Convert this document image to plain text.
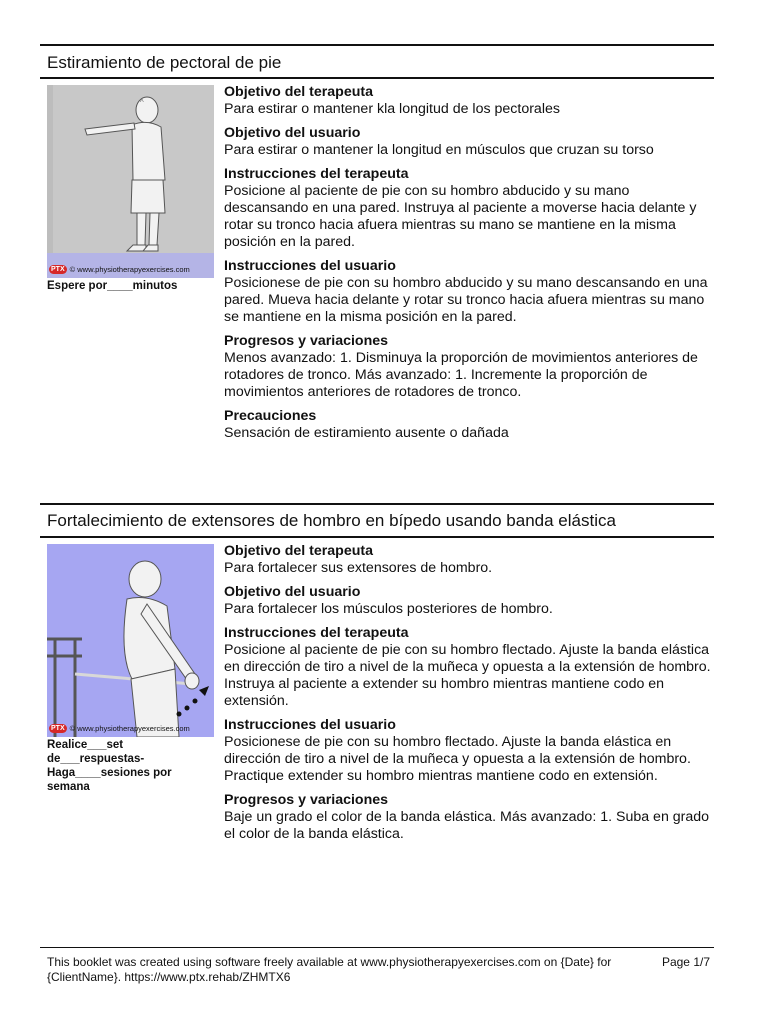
Estiramiento de pectoral de pie
^
PTX © www.physiotherapyexercises.com
Espere por____minutos
Objetivo del terapeuta
Para estirar o mantener kla longitud de los pectorales
Objetivo del usuario
Para estirar o mantener la longitud en músculos que cruzan su torso
Instrucciones del terapeuta
Posicione al paciente de pie con su hombro abducido y su mano descansando en una pared. Instruya al paciente a moverse hacia delante y rotar su tronco hacia afuera mientras su mano se mantiene en la misma posición en la pared.
Instrucciones del usuario
Posicionese de pie con su hombro abducido y su mano descansando en una pared. Mueva hacia delante y rotar su tronco hacia afuera mientras su mano se mantiene en la misma posición en la pared.
Progresos y variaciones
Menos avanzado: 1. Disminuya la proporción de movimientos anteriores de rotadores de tronco. Más avanzado: 1. Incremente la proporción de movimientos anteriores de rotadores de tronco.
Precauciones
Sensación de estiramiento ausente o dañada
Fortalecimiento de extensores de hombro en bípedo usando banda elástica
PTX © www.physiotherapyexercises.com
Realice___set de___respuestas- Haga____sesiones por semana
Objetivo del terapeuta
Para fortalecer sus extensores de hombro.
Objetivo del usuario
Para fortalecer los músculos posteriores de hombro.
Instrucciones del terapeuta
Posicione al paciente de pie con su hombro flectado. Ajuste la banda elástica en dirección de tiro a nivel de la muñeca y opuesta a la extensión de hombro. Instruya al paciente a extender su hombro mientras mantiene codo en extensión.
Instrucciones del usuario
Posicionese de pie con su hombro flectado. Ajuste la banda elástica en dirección de tiro a nivel de la muñeca y opuesta a la extensión de hombro. Practique extender su hombro mientras mantiene codo en extensión.
Progresos y variaciones
Baje un grado el color de la banda elástica. Más avanzado: 1. Suba en grado el color de la banda elástica.
This booklet was created using software freely available at www.physiotherapyexercises.com on {Date} for {ClientName}. https://www.ptx.rehab/ZHMTX6
Page 1/7
